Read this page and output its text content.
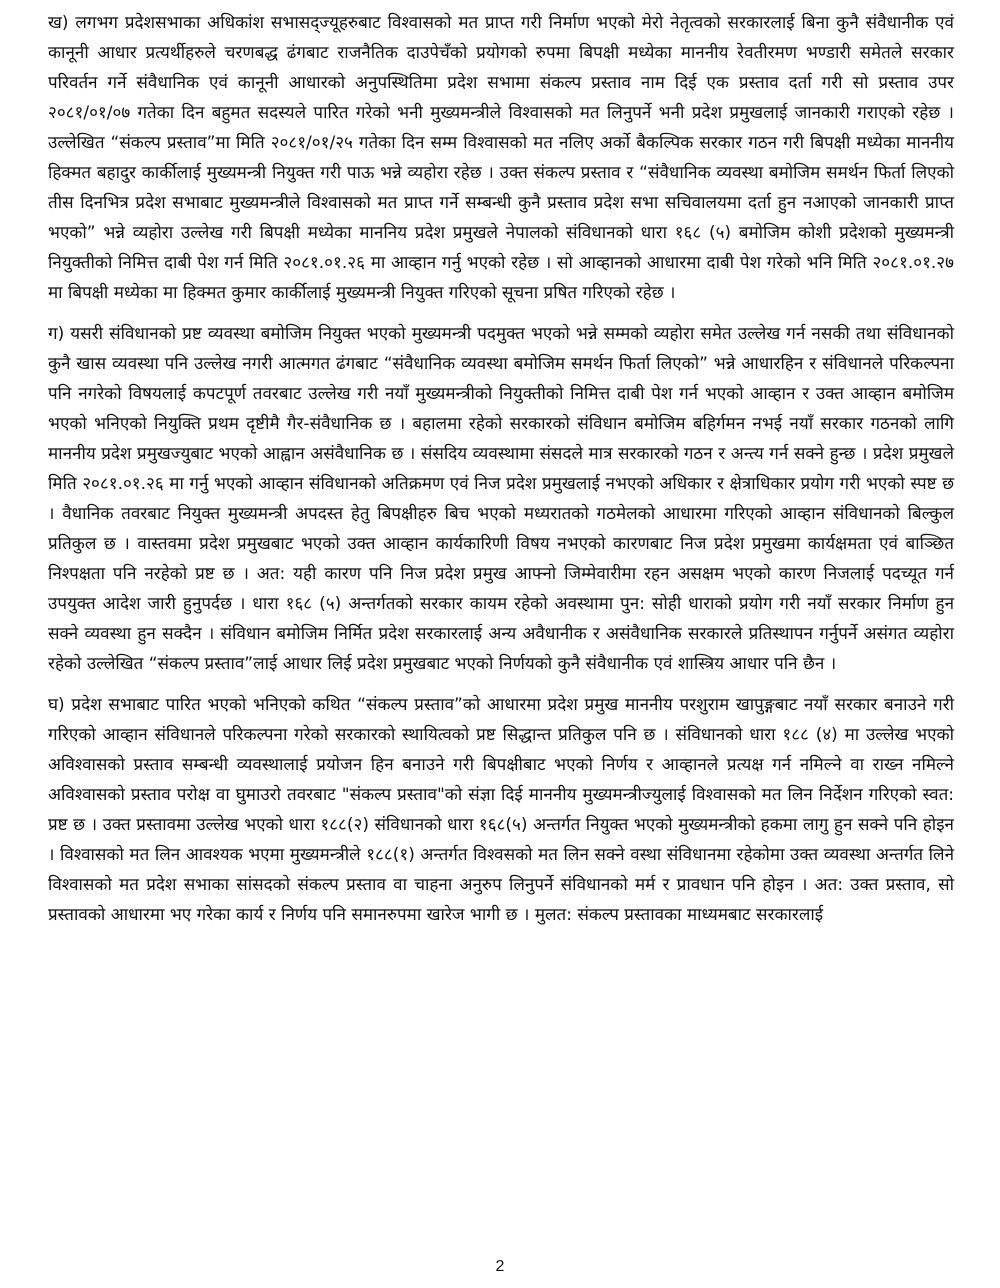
ख) लगभग प्रदेशसभाका अधिकांश सभासद्ज्यूहरुबाट विश्वासको मत प्राप्त गरी निर्माण भएको मेरो नेतृत्वको सरकारलाई बिना कुनै संवैधानीक एवं कानूनी आधार प्रत्यर्थीहरुले चरणबद्ध ढंगबाट राजनैतिक दाउपेचँको प्रयोगको रुपमा बिपक्षी मध्येका माननीय रेवतीरमण भण्डारी समेतले सरकार परिवर्तन गर्ने संवैधानिक एवं कानूनी आधारको अनुपस्थितिमा प्रदेश सभामा संकल्प प्रस्ताव नाम दिई एक प्रस्ताव दर्ता गरी सो प्रस्ताव उपर २०८१/०१/०७ गतेका दिन बहुमत सदस्यले पारित गरेको भनी मुख्यमन्त्रीले विश्वासको मत लिनुपर्ने भनी प्रदेश प्रमुखलाई जानकारी गराएको रहेछ । उल्लेखित “संकल्प प्रस्ताव”मा मिति २०८१/०१/२५ गतेका दिन सम्म विश्वासको मत नलिए अर्को बैकल्पिक सरकार गठन गरी बिपक्षी मध्येका माननीय हिक्मत बहादुर कार्कीलाई मुख्यमन्त्री नियुक्त गरी पाऊ भन्ने व्यहोरा रहेछ । उक्त संकल्प प्रस्ताव र “संवैधानिक व्यवस्था बमोजिम समर्थन फिर्ता लिएको तीस दिनभित्र प्रदेश सभाबाट मुख्यमन्त्रीले विश्वासको मत प्राप्त गर्ने सम्बन्धी कुनै प्रस्ताव प्रदेश सभा सचिवालयमा दर्ता हुन नआएको जानकारी प्राप्त भएको” भन्ने व्यहोरा उल्लेख गरी बिपक्षी मध्येका माननिय प्रदेश प्रमुखले नेपालको संविधानको धारा १६८ (५) बमोजिम कोशी प्रदेशको मुख्यमन्त्री नियुक्तीको निमित्त दाबी पेश गर्न मिति २०८१.०१.२६ मा आव्हान गर्नु भएको रहेछ । सो आव्हानको आधारमा दाबी पेश गरेको भनि मिति २०८१.०१.२७ मा बिपक्षी मध्येका मा हिक्मत कुमार कार्कीलाई मुख्यमन्त्री नियुक्त गरिएको सूचना प्रषित गरिएको रहेछ ।

ग) यसरी संविधानको प्रष्ट व्यवस्था बमोजिम नियुक्त भएको मुख्यमन्त्री पदमुक्त भएको भन्ने सम्मको व्यहोरा समेत उल्लेख गर्न नसकी तथा संविधानको कुनै खास व्यवस्था पनि उल्लेख नगरी आत्मगत ढंगबाट “संवैधानिक व्यवस्था बमोजिम समर्थन फिर्ता लिएको” भन्ने आधारहिन र संविधानले परिकल्पना पनि नगरेको विषयलाई कपटपूर्ण तवरबाट उल्लेख गरी नयाँ मुख्यमन्त्रीको नियुक्तीको निमित्त दाबी पेश गर्न भएको आव्हान र उक्त आव्हान बमोजिम भएको भनिएको नियुक्ति प्रथम दृष्टीमै गैर-संवैधानिक छ । बहालमा रहेको सरकारको संविधान बमोजिम बहिर्गमन नभई नयाँ सरकार गठनको लागि माननीय प्रदेश प्रमुखज्युबाट भएको आह्वान असंवैधानिक छ । संसदिय व्यवस्थामा संसदले मात्र सरकारको गठन र अन्त्य गर्न सक्ने हुन्छ । प्रदेश प्रमुखले मिति २०८१.०१.२६ मा गर्नु भएको आव्हान संविधानको अतिक्रमण एवं निज प्रदेश प्रमुखलाई नभएको अधिकार र क्षेत्राधिकार प्रयोग गरी भएको स्पष्ट छ । वैधानिक तवरबाट नियुक्त मुख्यमन्त्री अपदस्त हेतु बिपक्षीहरु बिच भएको मध्यरातको गठमेलको आधारमा गरिएको आव्हान संविधानको बिल्कुल प्रतिकुल छ । वास्तवमा प्रदेश प्रमुखबाट भएको उक्त आव्हान कार्यकारिणी विषय नभएको कारणबाट निज प्रदेश प्रमुखमा कार्यक्षमता एवं बाञ्छित निश्पक्षता पनि नरहेको प्रष्ट छ । अत: यही कारण पनि निज प्रदेश प्रमुख आफ्नो जिम्मेवारीमा रहन असक्षम भएको कारण निजलाई पदच्यूत गर्न उपयुक्त आदेश जारी हुनुपर्दछ । धारा १६८ (५) अन्तर्गतको सरकार कायम रहेको अवस्थामा पुन: सोही धाराको प्रयोग गरी नयाँ सरकार निर्माण हुन सक्ने व्यवस्था हुन सक्दैन । संविधान बमोजिम निर्मित प्रदेश सरकारलाई अन्य अवैधानीक र असंवैधानिक सरकारले प्रतिस्थापन गर्नुपर्ने असंगत व्यहोरा रहेको उल्लेखित “संकल्प प्रस्ताव”लाई आधार लिई प्रदेश प्रमुखबाट भएको निर्णयको कुनै संवैधानीक एवं शास्त्रिय आधार पनि छैन ।

घ) प्रदेश सभाबाट पारित भएको भनिएको कथित “संकल्प प्रस्ताव”को आधारमा प्रदेश प्रमुख माननीय परशुराम खापुङ्गबाट नयाँ सरकार बनाउने गरी गरिएको आव्हान संविधानले परिकल्पना गरेको सरकारको स्थायित्वको प्रष्ट सिद्धान्त प्रतिकुल पनि छ । संविधानको धारा १८८ (४) मा उल्लेख भएको अविश्वासको प्रस्ताव सम्बन्धी व्यवस्थालाई प्रयोजन हिन बनाउने गरी बिपक्षीबाट भएको निर्णय र आव्हानले प्रत्यक्ष गर्न नमिल्ने वा राख्न नमिल्ने अविश्वासको प्रस्ताव परोक्ष वा घुमाउरो तवरबाट "संकल्प प्रस्ताव"को संज्ञा दिई माननीय मुख्यमन्त्रीज्युलाई विश्वासको मत लिन निर्देशन गरिएको स्वत: प्रष्ट छ । उक्त प्रस्तावमा उल्लेख भएको धारा १८८(२) संविधानको धारा १६८(५) अन्तर्गत नियुक्त भएको मुख्यमन्त्रीको हकमा लागु हुन सक्ने पनि होइन । विश्वासको मत लिन आवश्यक भएमा मुख्यमन्त्रीले १८८(१) अन्तर्गत विश्वसको मत लिन सक्ने वस्था संविधानमा रहेकोमा उक्त व्यवस्था अन्तर्गत लिने विश्वासको मत प्रदेश सभाका सांसदको संकल्प प्रस्ताव वा चाहना अनुरुप लिनुपर्ने संविधानको मर्म र प्रावधान पनि होइन । अत: उक्त प्रस्ताव, सो प्रस्तावको आधारमा भए गरेका कार्य र निर्णय पनि समानरुपमा खारेज भागी छ । मुलत: संकल्प प्रस्तावका माध्यमबाट सरकारलाई

2
